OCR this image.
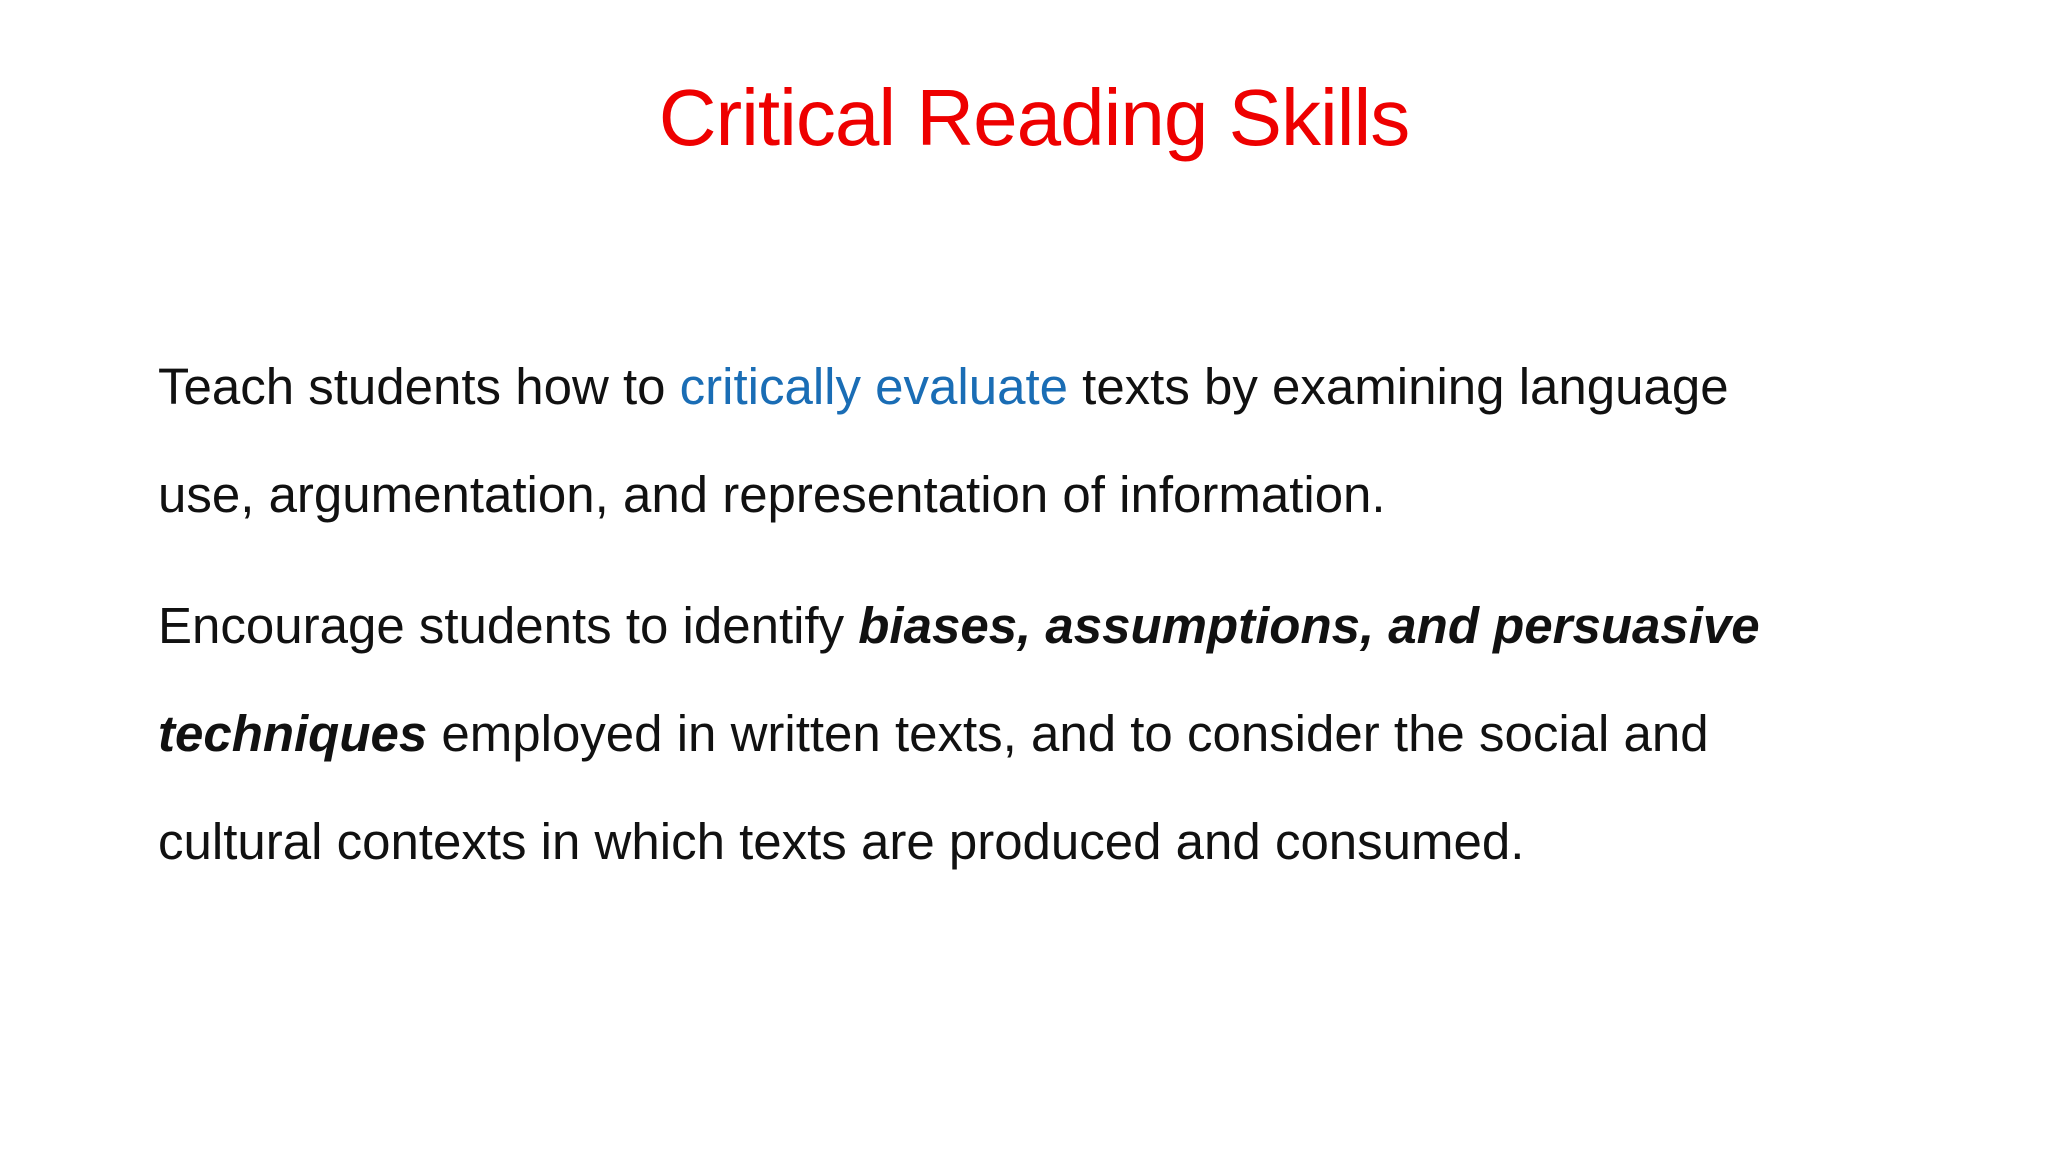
Critical Reading Skills

Teach students how to critically evaluate texts by examining language
use, argumentation, and representation of information.

Encourage students to identify biases, assumptions, and persuasive
techniques employed in written texts, and to consider the social and
cultural contexts in which texts are produced and consumed.
